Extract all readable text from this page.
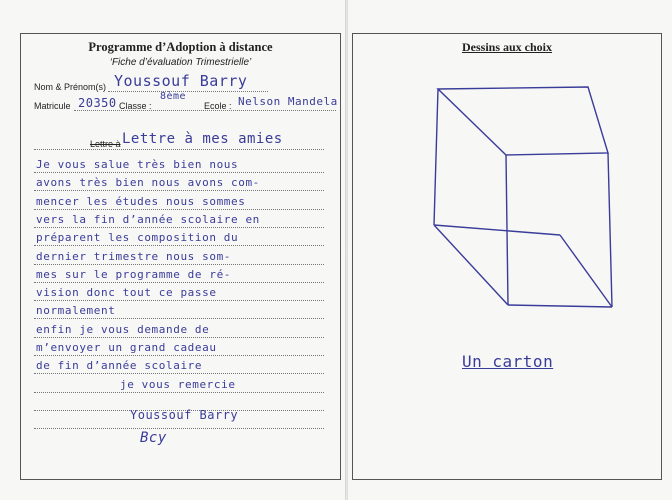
Programme d’Adoption à distance
‘Fiche d’évaluation Trimestrielle’
Nom & Prénom(s) Youssouf Barry
Matricule 20350 Classe :
8ème
Ecole : Nelson Mandela
Lettre à Lettre à mes amies
Je vous salue très bien nous
avons très bien nous avons com-
mencer les études nous sommes
vers la fin d’année scolaire en
préparent les composition du
dernier trimestre nous som-
mes sur le programme de ré-
vision donc tout ce passe
normalement
enfin je vous demande de
m’envoyer un grand cadeau
de fin d’année scolaire
je vous remercie
Youssouf Barry
Bcy
Dessins aux choix
Un carton
